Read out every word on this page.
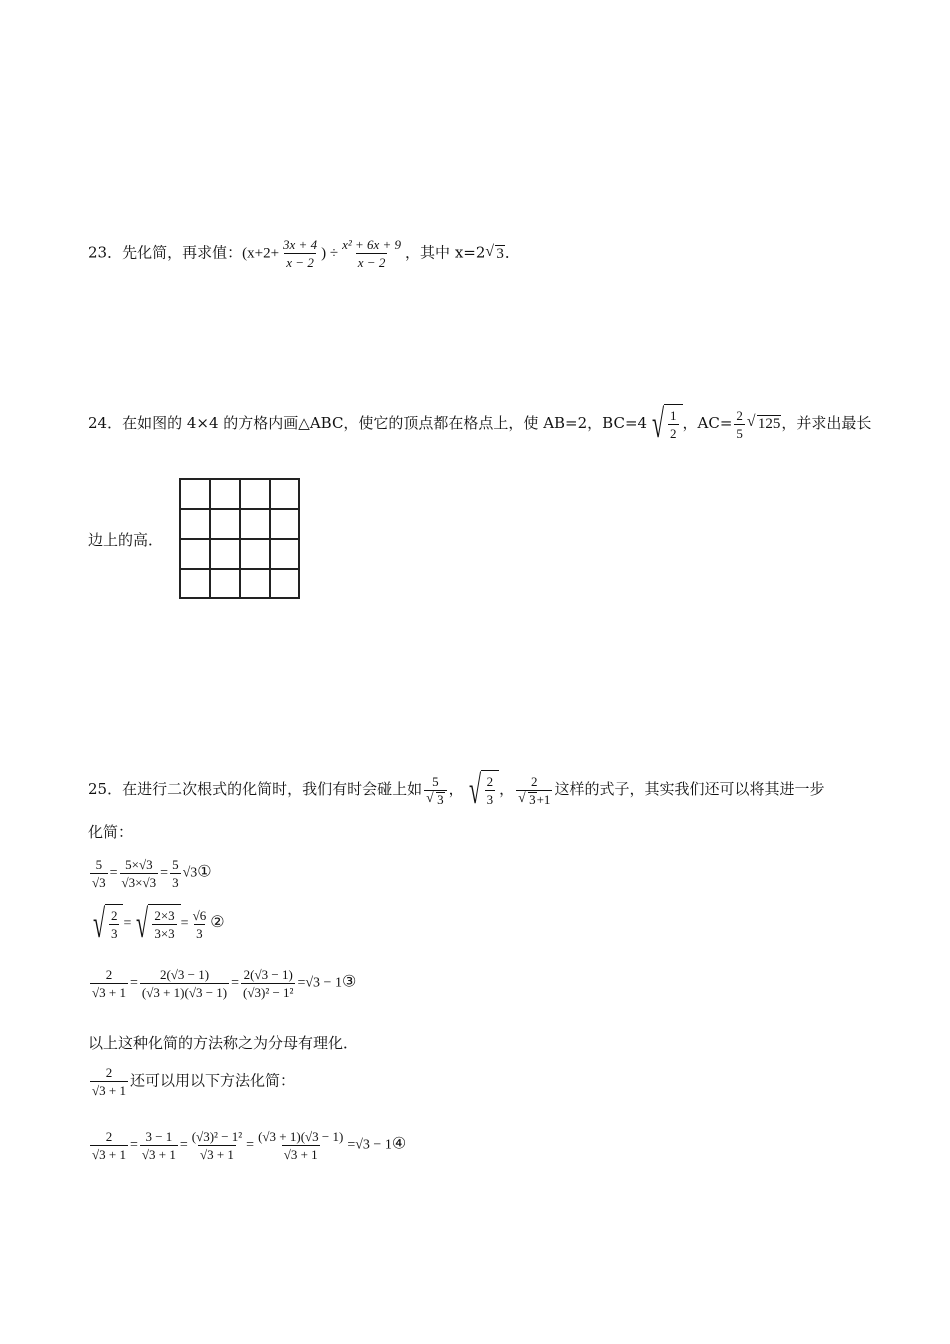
23．先化简，再求值：($x+2+ \frac{3x + 4}{x - 2}$ ) ÷ $\frac{\text{x² + 6x + 9}}{x - 2}$ ，其中 x=2 √ 3．
24．在如图的 4×4 的方格内画△ABC，使它的顶点都在格点上，使 AB=2，BC=4 √ $\frac{1}{2}$ ，$AC= \frac{2}{5}$ √ 125，并求出最长
边上的高．
25．在进行二次根式的化简时，我们有时会碰上如 5
√ 3 ， √ $\frac{2}{3}$ ， 2
√ 3+1 这样的式子，其实我们还可以将其进一步
化简：
$\frac{5}{√3} = \frac{5\times√3}{√3\times√3} = \frac{5}{3}$ √3①
√ $\frac{2}{3}$ = √ $\frac{2\times 3}{3\times 3} = \frac{√6}{3}$ ②
$\frac{2}{√3 + 1} = \frac{2(√3 - 1)}{(√3 + 1)(√3 - 1)} = \frac{2(√3 - 1)}{\text{(√3)² − 1²}} =√3$ − 1③
以上这种化简的方法称之为分母有理化．
$\frac{2}{√3 + 1}$ 还可以用以下方法化简：
$\frac{2}{√3 + 1} = \frac{3 - 1}{√3 + 1} = \frac{\text{(√3)² − 1²}}{√3 + 1} = \frac{(√3 + 1)(√3 - 1)}{√3 + 1} =√3$ − 1④
